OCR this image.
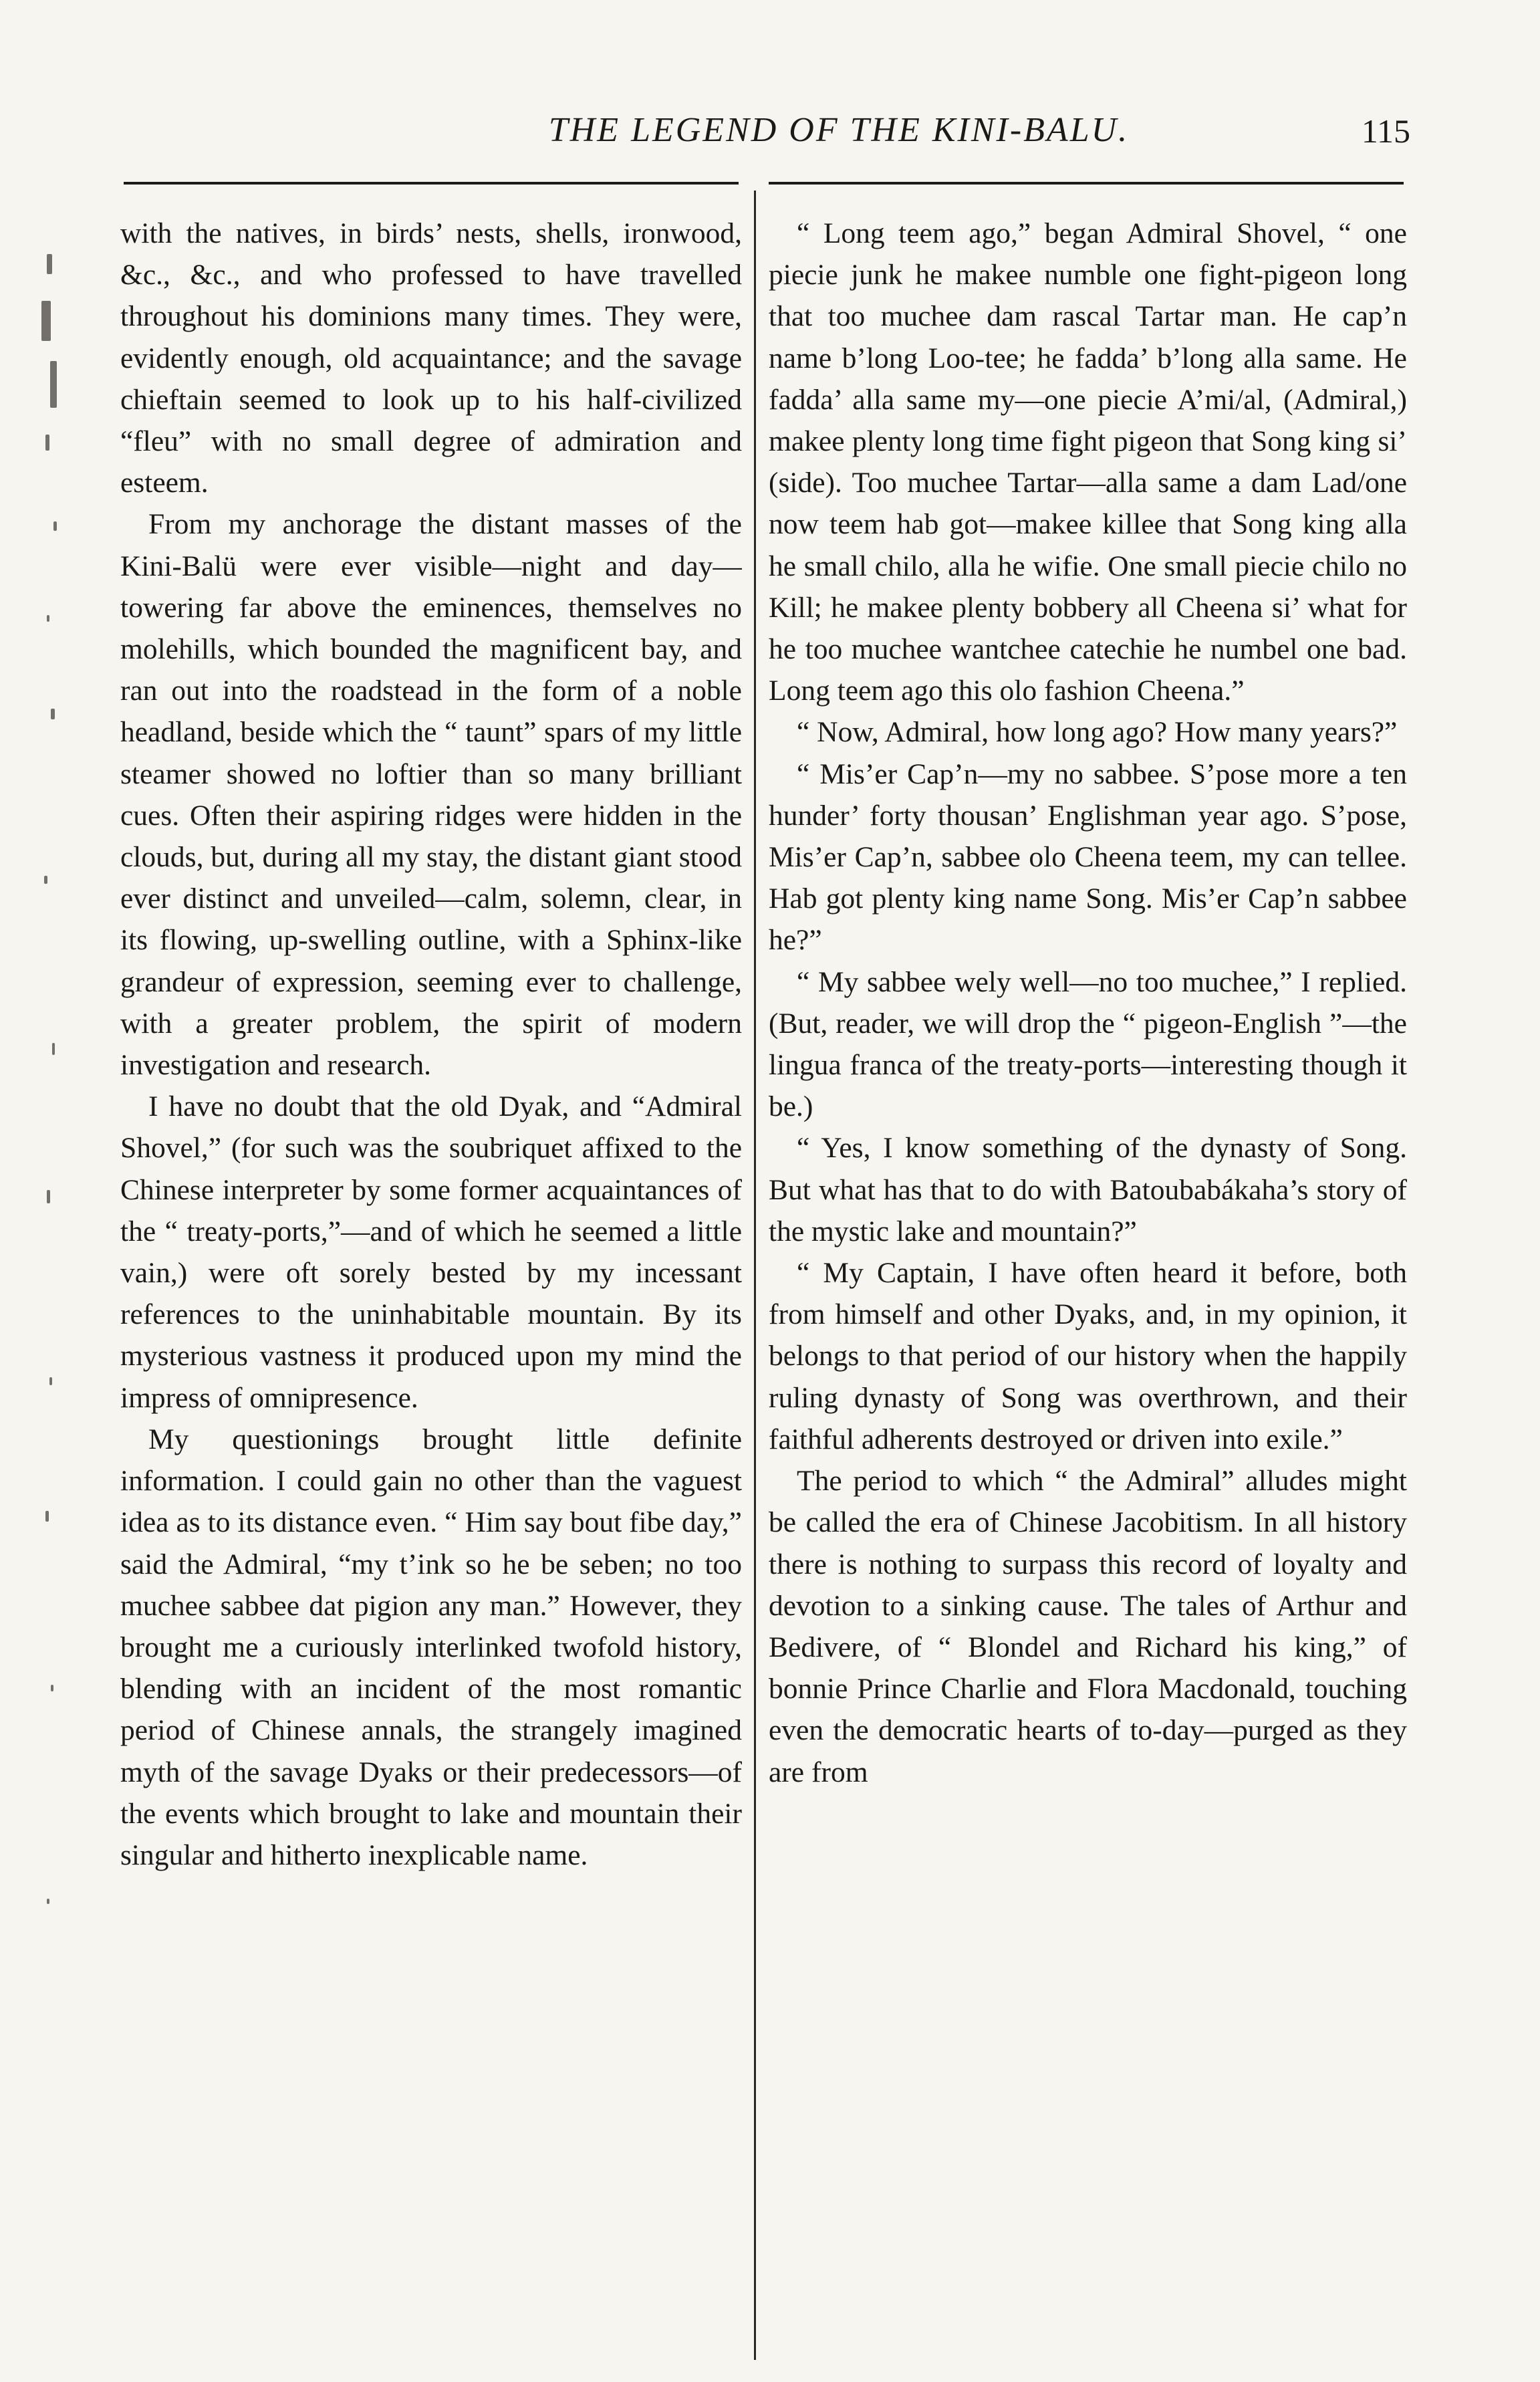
THE LEGEND OF THE KINI-BALU.	115

with the natives, in birds’ nests, shells, ironwood, &c., &c., and who professed to have travelled throughout his dominions many times. They were, evidently enough, old acquaintance; and the savage chieftain seemed to look up to his half-civilized “fleu” with no small degree of admiration and esteem.

From my anchorage the distant masses of the Kini-Balü were ever visible—night and day—towering far above the eminences, themselves no molehills, which bounded the magnificent bay, and ran out into the roadstead in the form of a noble headland, beside which the “ taunt” spars of my little steamer showed no loftier than so many brilliant cues. Often their aspiring ridges were hidden in the clouds, but, during all my stay, the distant giant stood ever distinct and unveiled—calm, solemn, clear, in its flowing, up-swelling outline, with a Sphinx-like grandeur of expression, seeming ever to challenge, with a greater problem, the spirit of modern investigation and research.

I have no doubt that the old Dyak, and “Admiral Shovel,” (for such was the soubriquet affixed to the Chinese interpreter by some former acquaintances of the “ treaty-ports,”—and of which he seemed a little vain,) were oft sorely bested by my incessant references to the uninhabitable mountain. By its mysterious vastness it produced upon my mind the impress of omnipresence.

My questionings brought little definite information. I could gain no other than the vaguest idea as to its distance even. “ Him say bout fibe day,” said the Admiral, “my t’ink so he be seben; no too muchee sabbee dat pigion any man.” However, they brought me a curiously interlinked twofold history, blending with an incident of the most romantic period of Chinese annals, the strangely imagined myth of the savage Dyaks or their predecessors—of the events which brought to lake and mountain their singular and hitherto inexplicable name.

“ Long teem ago,” began Admiral Shovel, “ one piecie junk he makee numble one fight-pigeon long that too muchee dam rascal Tartar man. He cap’n name b’long Loo-tee; he fadda’ b’long alla same. He fadda’ alla same my—one piecie A’mi/al, (Admiral,) makee plenty long time fight pigeon that Song king si’ (side). Too muchee Tartar—alla same a dam Lad/one now teem hab got—makee killee that Song king alla he small chilo, alla he wifie. One small piecie chilo no Kill; he makee plenty bobbery all Cheena si’ what for he too muchee wantchee catechie he numbel one bad. Long teem ago this olo fashion Cheena.”

“ Now, Admiral, how long ago? How many years?”

“ Mis’er Cap’n—my no sabbee. S’pose more a ten hunder’ forty thousan’ Englishman year ago. S’pose, Mis’er Cap’n, sabbee olo Cheena teem, my can tellee. Hab got plenty king name Song. Mis’er Cap’n sabbee he?”

“ My sabbee wely well—no too muchee,” I replied. (But, reader, we will drop the “ pigeon-English ”—the lingua franca of the treaty-ports—interesting though it be.)

“ Yes, I know something of the dynasty of Song. But what has that to do with Batoubabákaha’s story of the mystic lake and mountain?”

“ My Captain, I have often heard it before, both from himself and other Dyaks, and, in my opinion, it belongs to that period of our history when the happily ruling dynasty of Song was overthrown, and their faithful adherents destroyed or driven into exile.”

The period to which “ the Admiral” alludes might be called the era of Chinese Jacobitism. In all history there is nothing to surpass this record of loyalty and devotion to a sinking cause. The tales of Arthur and Bedivere, of “ Blondel and Richard his king,” of bonnie Prince Charlie and Flora Macdonald, touching even the democratic hearts of to-day—purged as they are from
